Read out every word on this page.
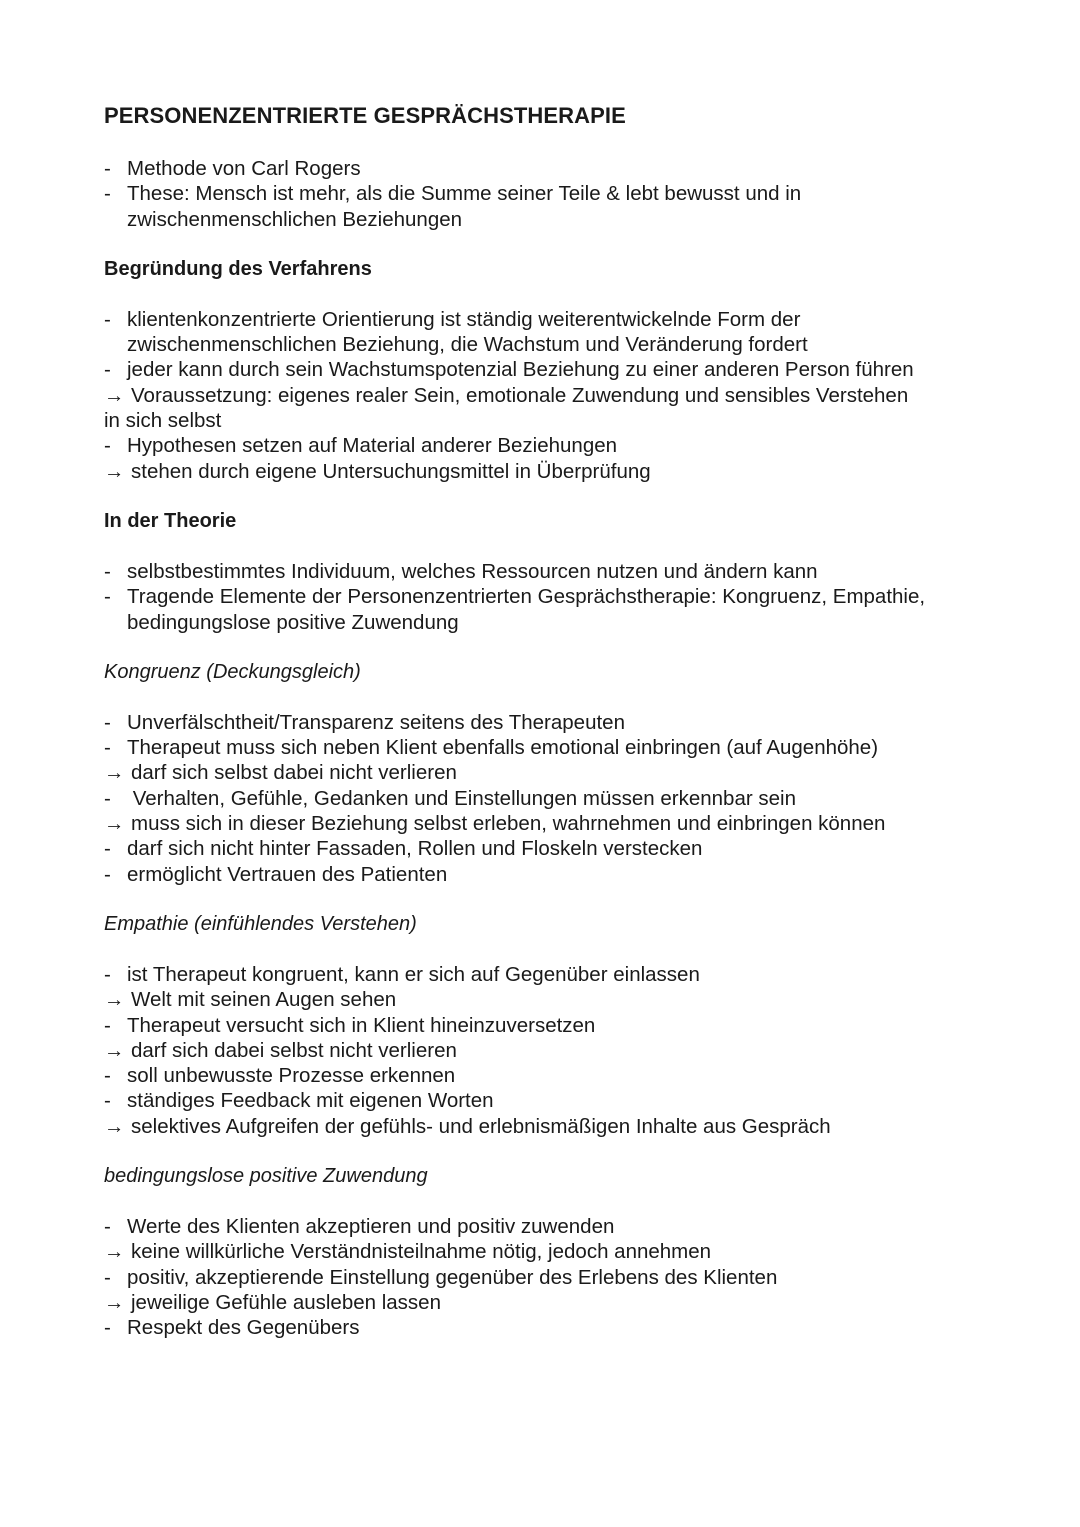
PERSONENZENTRIERTE GESPRÄCHSTHERAPIE
- Methode von Carl Rogers
- These: Mensch ist mehr, als die Summe seiner Teile & lebt bewusst und in zwischenmenschlichen Beziehungen
Begründung des Verfahrens
- klientenkonzentrierte Orientierung ist ständig weiterentwickelnde Form der zwischenmenschlichen Beziehung, die Wachstum und Veränderung fordert
- jeder kann durch sein Wachstumspotenzial Beziehung zu einer anderen Person führen
→ Voraussetzung: eigenes realer Sein, emotionale Zuwendung und sensibles Verstehen
in sich selbst
- Hypothesen setzen auf Material anderer Beziehungen
→ stehen durch eigene Untersuchungsmittel in Überprüfung
In der Theorie
- selbstbestimmtes Individuum, welches Ressourcen nutzen und ändern kann
- Tragende Elemente der Personenzentrierten Gesprächstherapie: Kongruenz, Empathie, bedingungslose positive Zuwendung
Kongruenz (Deckungsgleich)
- Unverfälschtheit/Transparenz seitens des Therapeuten
- Therapeut muss sich neben Klient ebenfalls emotional einbringen (auf Augenhöhe)
→ darf sich selbst dabei nicht verlieren
- Verhalten, Gefühle, Gedanken und Einstellungen müssen erkennbar sein
→ muss sich in dieser Beziehung selbst erleben, wahrnehmen und einbringen können
- darf sich nicht hinter Fassaden, Rollen und Floskeln verstecken
- ermöglicht Vertrauen des Patienten
Empathie (einfühlendes Verstehen)
- ist Therapeut kongruent, kann er sich auf Gegenüber einlassen
→ Welt mit seinen Augen sehen
- Therapeut versucht sich in Klient hineinzuversetzen
→ darf sich dabei selbst nicht verlieren
- soll unbewusste Prozesse erkennen
- ständiges Feedback mit eigenen Worten
→ selektives Aufgreifen der gefühls- und erlebnismäßigen Inhalte aus Gespräch
bedingungslose positive Zuwendung
- Werte des Klienten akzeptieren und positiv zuwenden
→ keine willkürliche Verständnisteilnahme nötig, jedoch annehmen
- positiv, akzeptierende Einstellung gegenüber des Erlebens des Klienten
→ jeweilige Gefühle ausleben lassen
- Respekt des Gegenübers
